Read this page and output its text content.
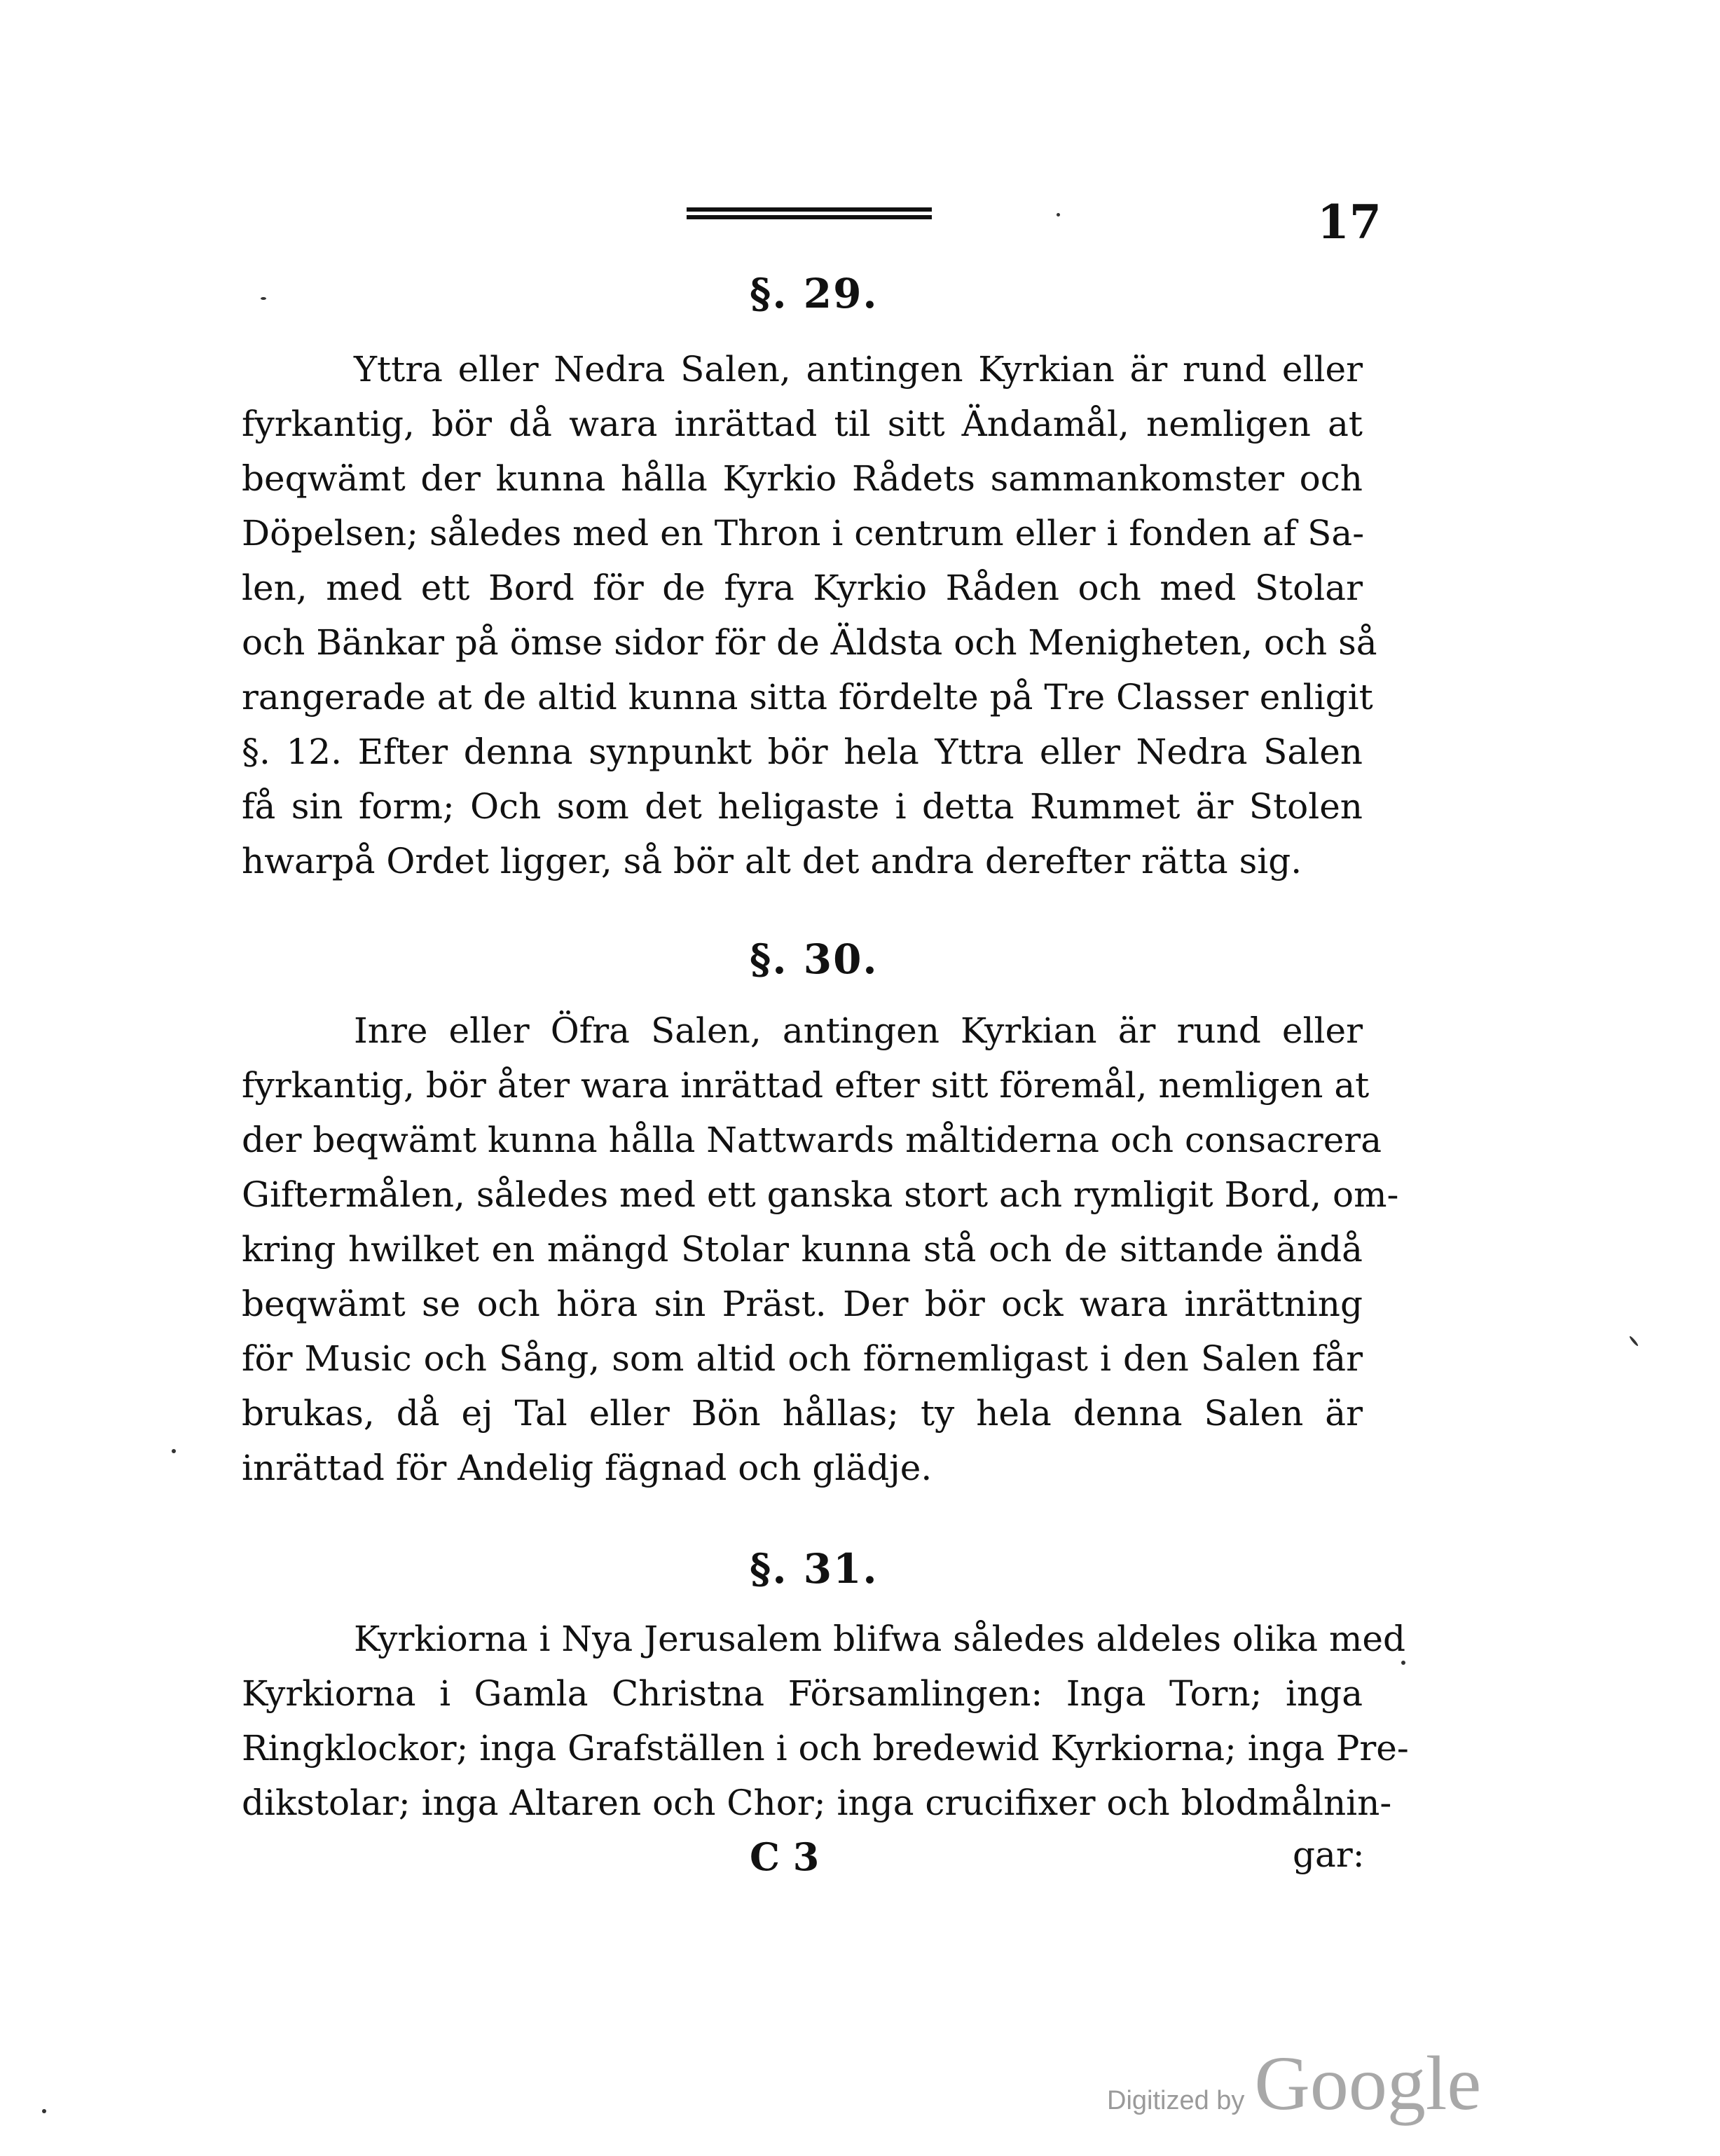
17
§. 29.
Yttra eller Nedra Salen, antingen Kyrkian är rund eller
fyrkantig, bör då wara inrättad til sitt Ändamål, nemligen at
beqwämt der kunna hålla Kyrkio Rådets sammankomster och
Döpelsen; således med en Thron i centrum eller i fonden af Sa-
len, med ett Bord för de fyra Kyrkio Råden och med Stolar
och Bänkar på ömse sidor för de Äldsta och Menigheten, och så
rangerade at de altid kunna sitta fördelte på Tre Classer enligit
§. 12. Efter denna synpunkt bör hela Yttra eller Nedra Salen
få sin form; Och som det heligaste i detta Rummet är Stolen
hwarpå Ordet ligger, så bör alt det andra derefter rätta sig.
§. 30.
Inre eller Öfra Salen, antingen Kyrkian är rund eller
fyrkantig, bör åter wara inrättad efter sitt föremål, nemligen at
der beqwämt kunna hålla Nattwards måltiderna och consacrera
Giftermålen, således med ett ganska stort ach rymligit Bord, om-
kring hwilket en mängd Stolar kunna stå och de sittande ändå
beqwämt se och höra sin Präst. Der bör ock wara inrättning
för Music och Sång, som altid och förnemligast i den Salen får
brukas, då ej Tal eller Bön hållas; ty hela denna Salen är
inrättad för Andelig fägnad och glädje.
§. 31.
Kyrkiorna i Nya Jerusalem blifwa således aldeles olika med
Kyrkiorna i Gamla Christna Församlingen: Inga Torn; inga
Ringklockor; inga Grafställen i och bredewid Kyrkiorna; inga Pre-
dikstolar; inga Altaren och Chor; inga crucifixer och blodmålnin-
C 3	gar:
Digitized by Google
